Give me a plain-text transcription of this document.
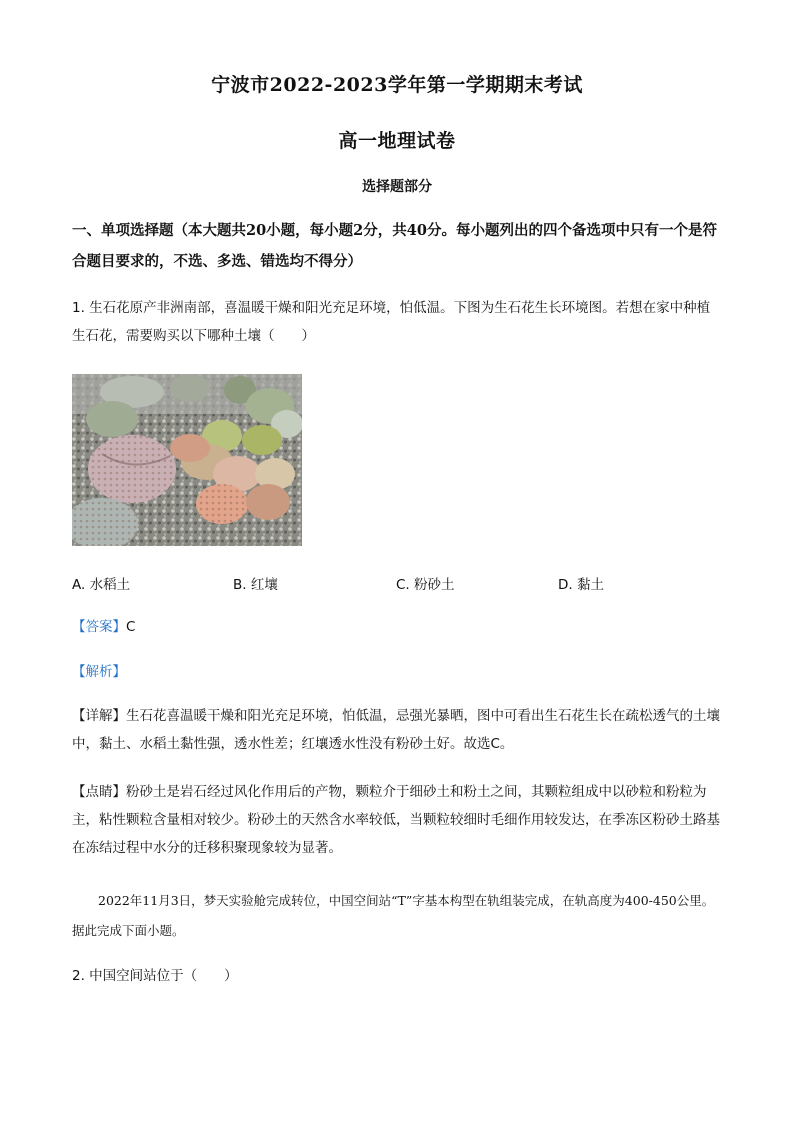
宁波市2022-2023学年第一学期期末考试
高一地理试卷
选择题部分
一、单项选择题（本大题共20小题，每小题2分，共40分。每小题列出的四个备选项中只有一个是符合题目要求的，不选、多选、错选均不得分）
1. 生石花原产非洲南部，喜温暖干燥和阳光充足环境，怕低温。下图为生石花生长环境图。若想在家中种植生石花，需要购买以下哪种土壤（　　）
A. 水稻土	B. 红壤	C. 粉砂土	D. 黏土
【答案】C
【解析】
【详解】生石花喜温暖干燥和阳光充足环境，怕低温，忌强光暴晒，图中可看出生石花生长在疏松透气的土壤中，黏土、水稻土黏性强，透水性差；红壤透水性没有粉砂土好。故选C。
【点睛】粉砂土是岩石经过风化作用后的产物，颗粒介于细砂土和粉土之间，其颗粒组成中以砂粒和粉粒为主，粘性颗粒含量相对较少。粉砂土的天然含水率较低，当颗粒较细时毛细作用较发达，在季冻区粉砂土路基在冻结过程中水分的迁移积聚现象较为显著。
2022年11月3日，梦天实验舱完成转位，中国空间站“T”字基本构型在轨组装完成，在轨高度为400-450公里。据此完成下面小题。
2. 中国空间站位于（　　）
